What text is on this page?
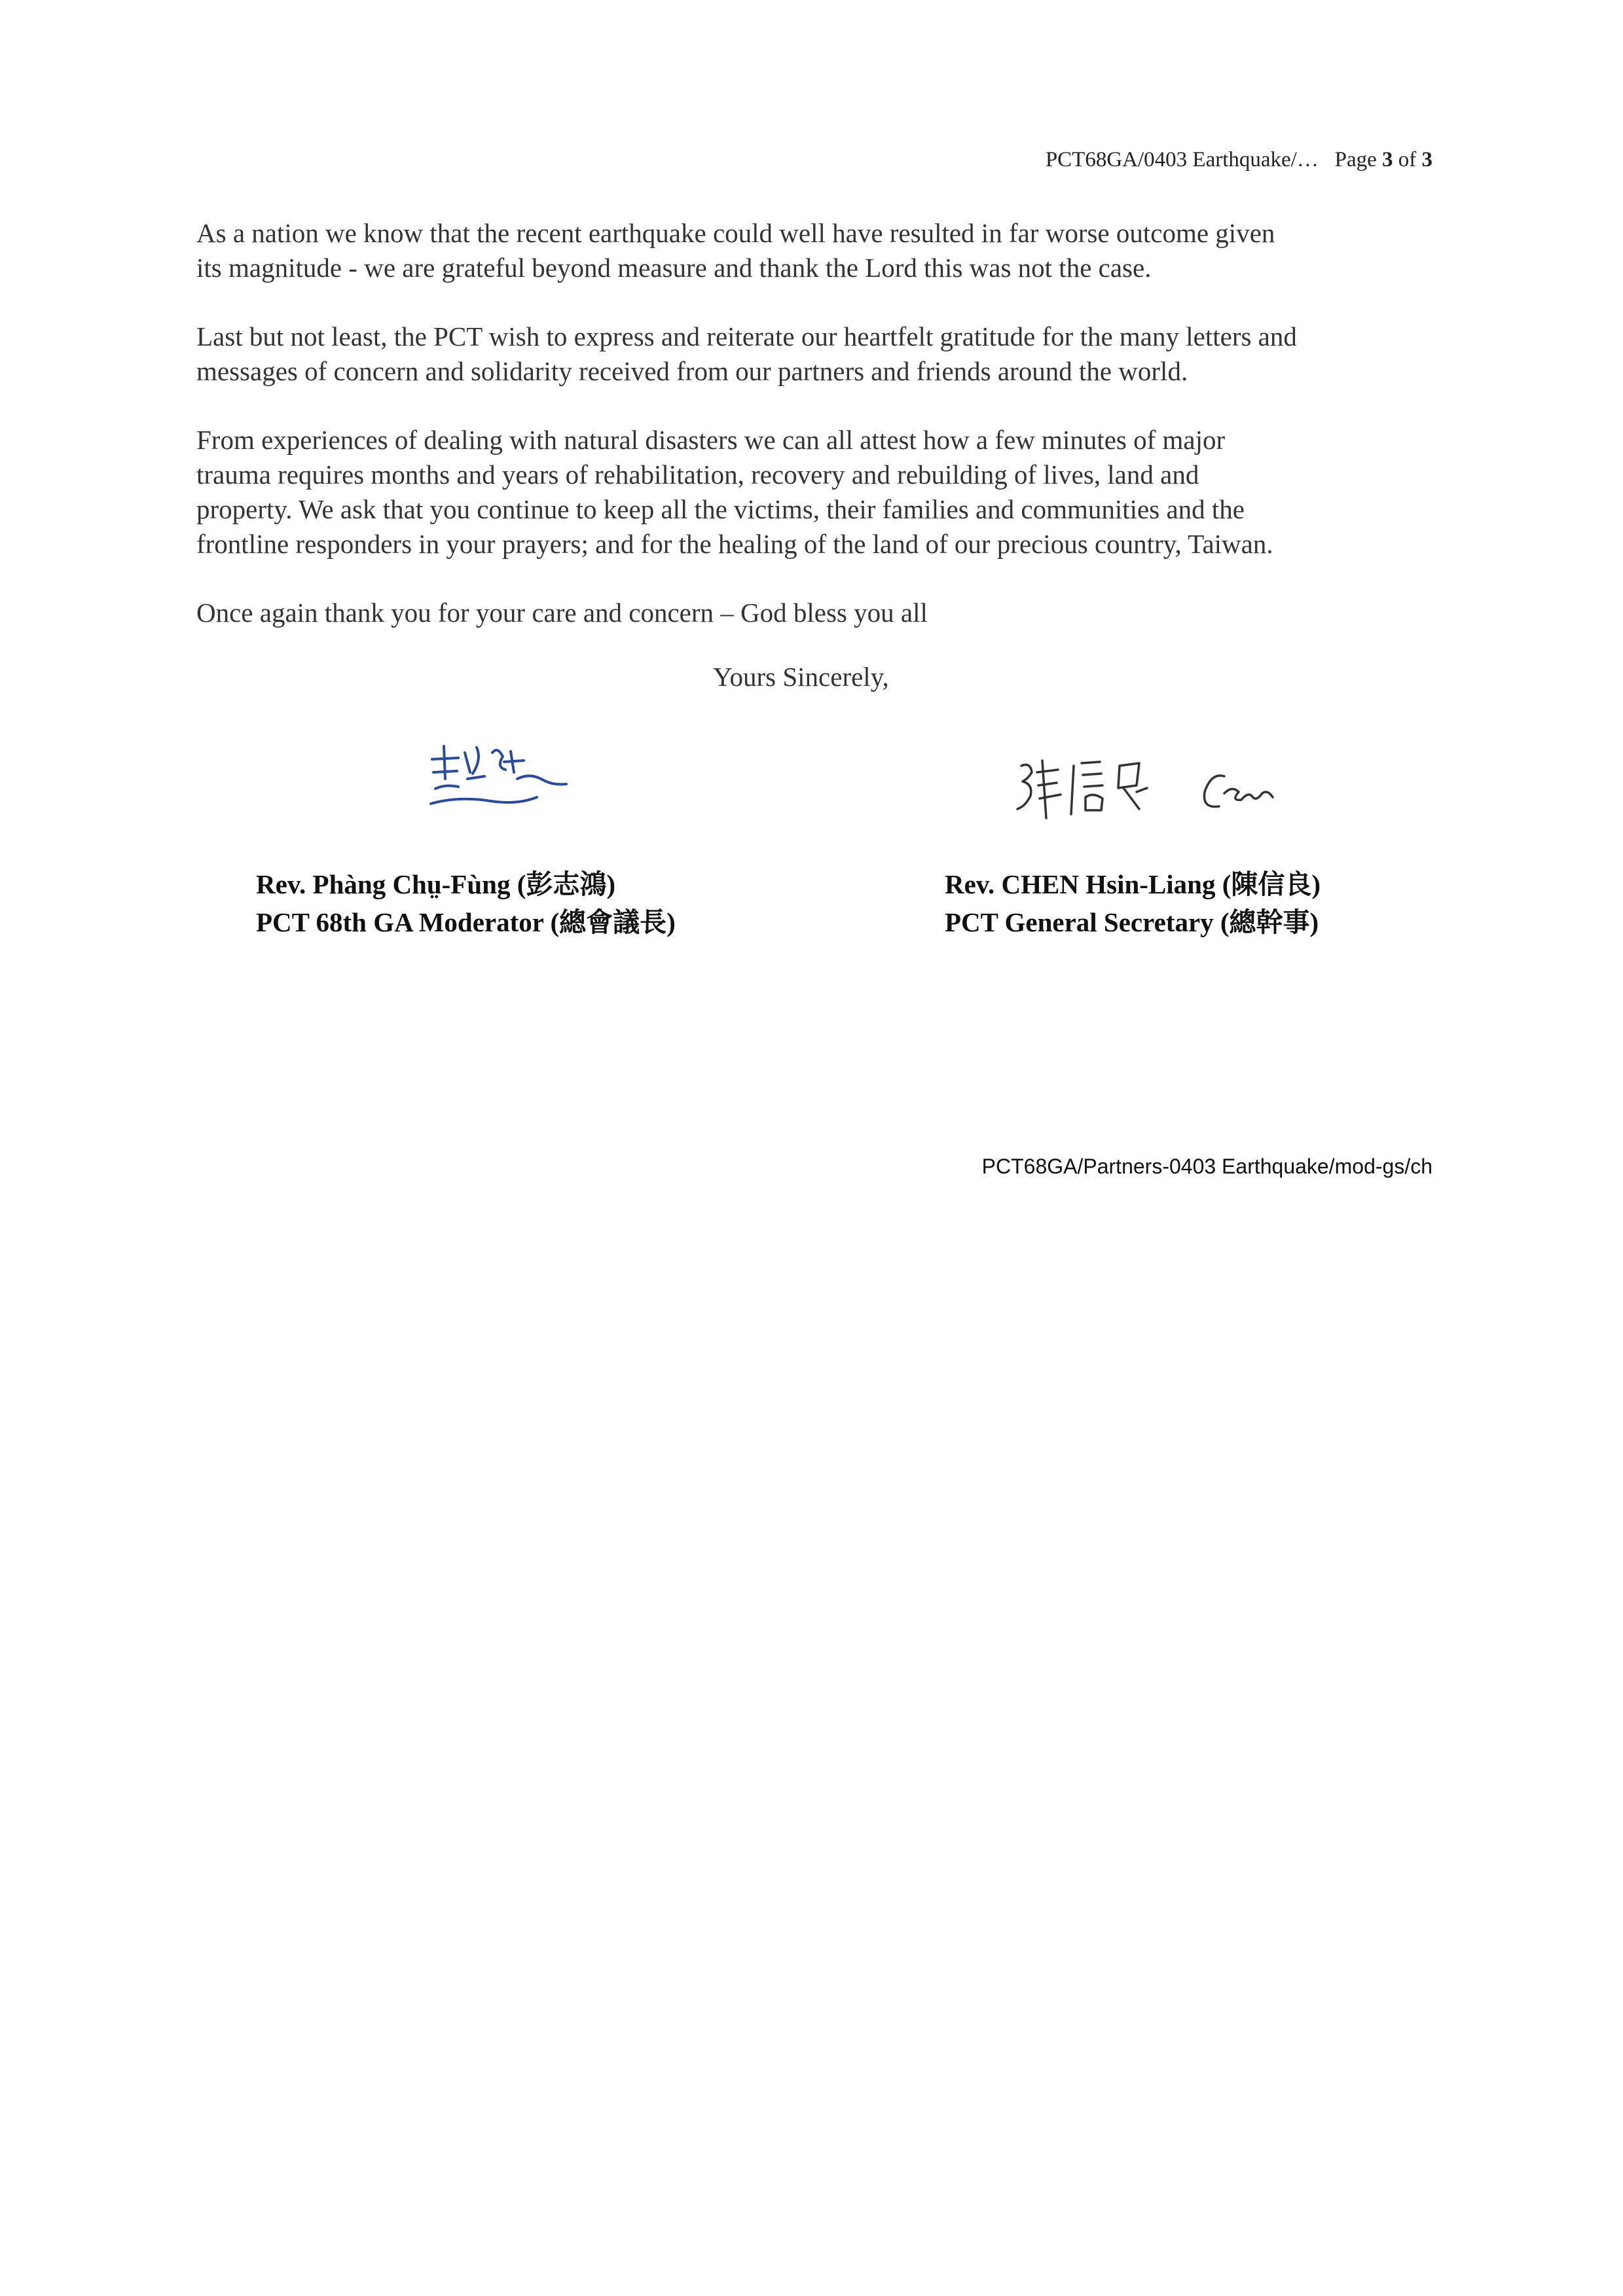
PCT68GA/0403 Earthquake/… Page 3 of 3

As a nation we know that the recent earthquake could well have resulted in far worse outcome given
its magnitude - we are grateful beyond measure and thank the Lord this was not the case.

Last but not least, the PCT wish to express and reiterate our heartfelt gratitude for the many letters and
messages of concern and solidarity received from our partners and friends around the world.

From experiences of dealing with natural disasters we can all attest how a few minutes of major
trauma requires months and years of rehabilitation, recovery and rebuilding of lives, land and
property. We ask that you continue to keep all the victims, their families and communities and the
frontline responders in your prayers; and for the healing of the land of our precious country, Taiwan.

Once again thank you for your care and concern – God bless you all

Yours Sincerely,
Rev. Phàng Chṳ-Fùng (彭志鴻)
PCT 68th GA Moderator (總會議長)
Rev. CHEN Hsin-Liang (陳信良)
PCT General Secretary (總幹事)
PCT68GA/Partners-0403 Earthquake/mod-gs/ch
